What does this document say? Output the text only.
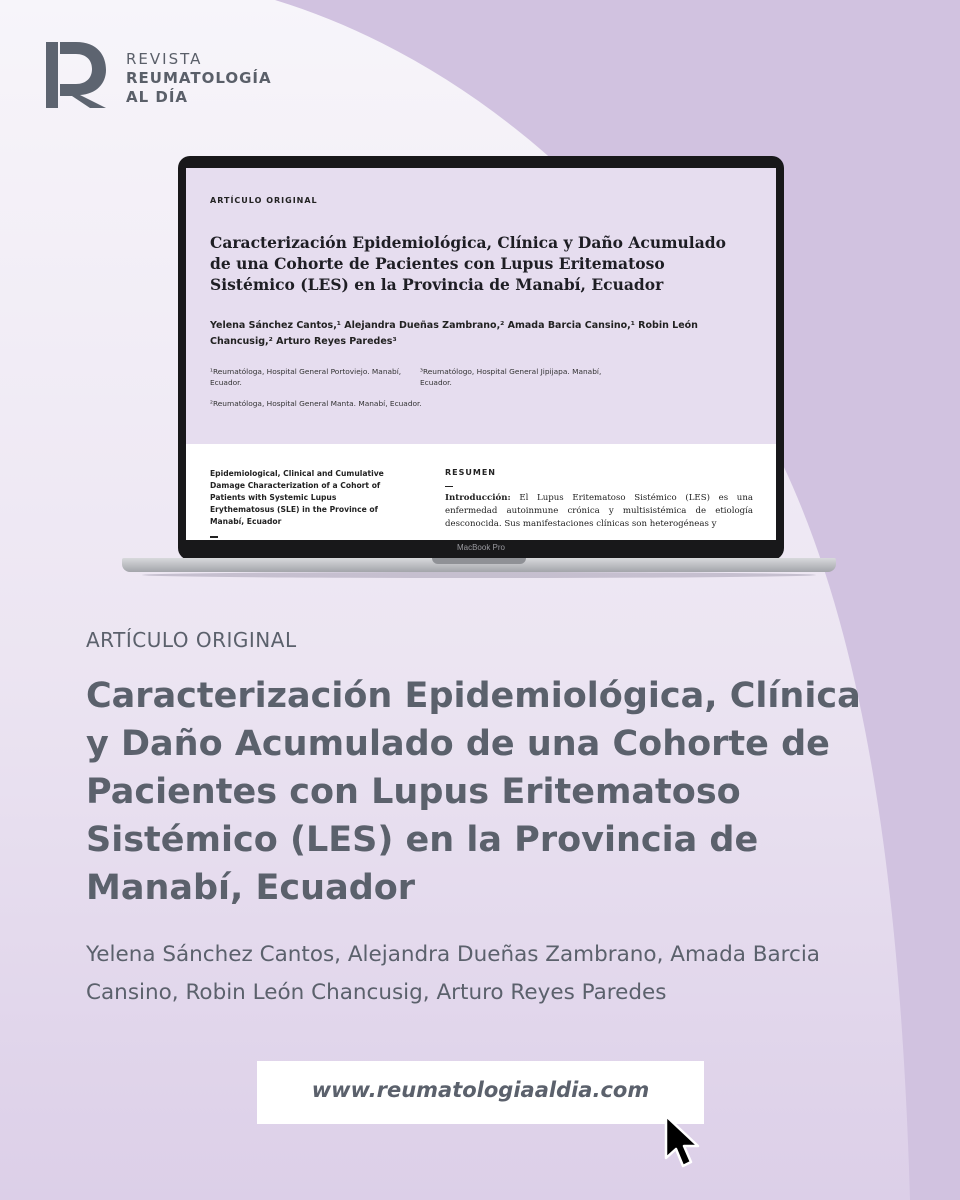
REVISTA
REUMATOLOGÍA
AL DÍA
ARTÍCULO ORIGINAL
Caracterización Epidemiológica, Clínica y Daño Acumulado de una Cohorte de Pacientes con Lupus Eritematoso Sistémico (LES) en la Provincia de Manabí, Ecuador
Yelena Sánchez Cantos,¹ Alejandra Dueñas Zambrano,² Amada Barcia Cansino,¹ Robin León Chancusig,² Arturo Reyes Paredes³
¹Reumatóloga, Hospital General Portoviejo. Manabí, Ecuador.
²Reumatóloga, Hospital General Manta. Manabí, Ecuador.
³Reumatólogo, Hospital General Jipijapa. Manabí, Ecuador.
Epidemiological, Clinical and Cumulative Damage Characterization of a Cohort of Patients with Systemic Lupus Erythematosus (SLE) in the Province of Manabí, Ecuador
RESUMEN
Introducción: El Lupus Eritematoso Sistémico (LES) es una enfermedad autoinmune crónica y multisistémica de etiología desconocida. Sus manifestaciones clínicas son heterogéneas y
MacBook Pro
ARTÍCULO ORIGINAL
Caracterización Epidemiológica, Clínica y Daño Acumulado de una Cohorte de Pacientes con Lupus Eritematoso Sistémico (LES) en la Provincia de Manabí, Ecuador
Yelena Sánchez Cantos, Alejandra Dueñas Zambrano, Amada Barcia Cansino, Robin León Chancusig, Arturo Reyes Paredes
www.reumatologiaaldia.com
